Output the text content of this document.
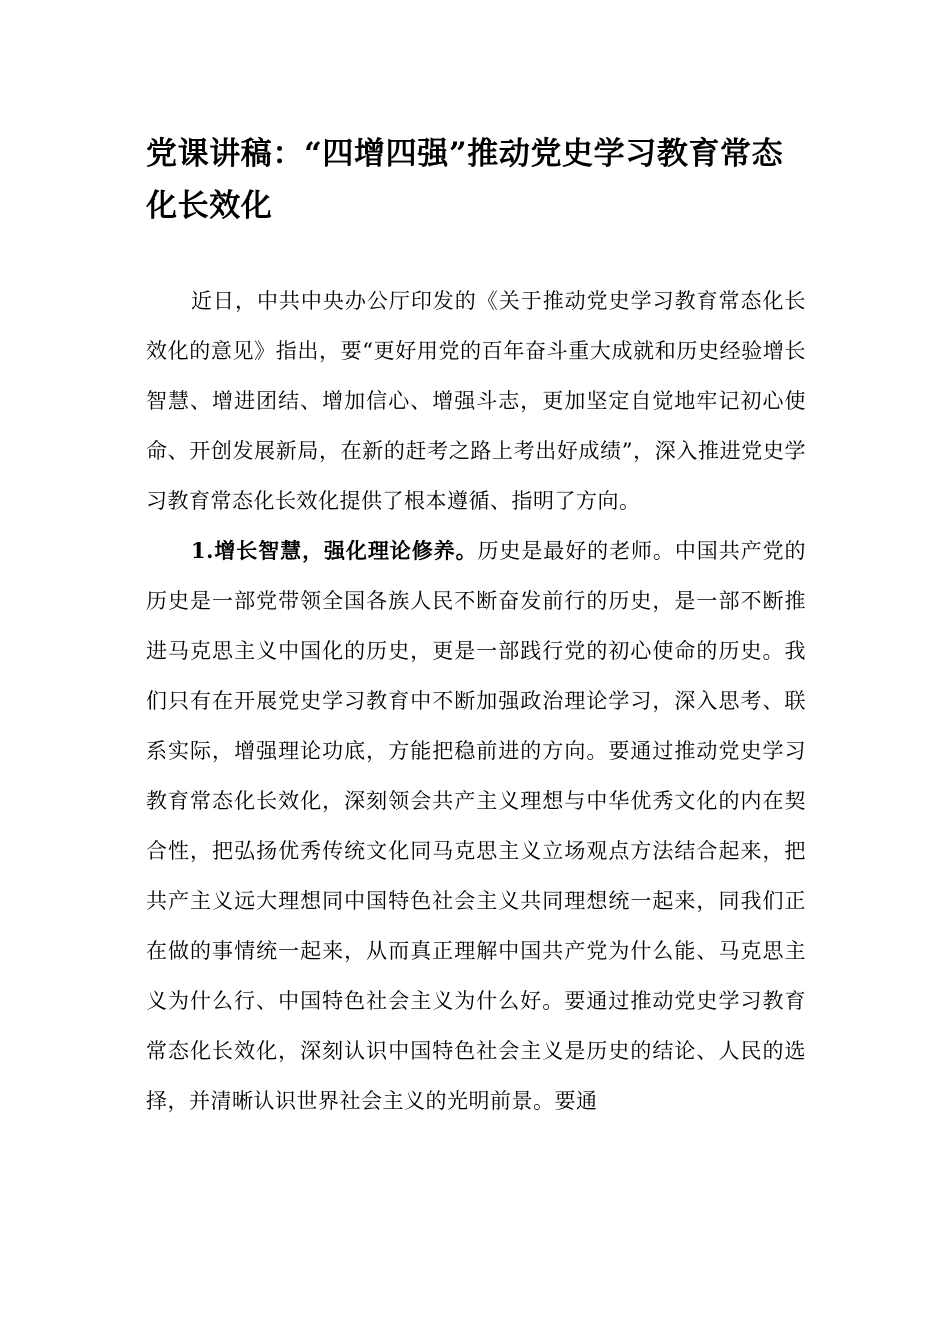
党课讲稿：“四增四强”推动党史学习教育常态化长效化

近日，中共中央办公厅印发的《关于推动党史学习教育常态化长效化的意见》指出，要“更好用党的百年奋斗重大成就和历史经验增长智慧、增进团结、增加信心、增强斗志，更加坚定自觉地牢记初心使命、开创发展新局，在新的赶考之路上考出好成绩”，深入推进党史学习教育常态化长效化提供了根本遵循、指明了方向。

1.增长智慧，强化理论修养。历史是最好的老师。中国共产党的历史是一部党带领全国各族人民不断奋发前行的历史，是一部不断推进马克思主义中国化的历史，更是一部践行党的初心使命的历史。我们只有在开展党史学习教育中不断加强政治理论学习，深入思考、联系实际，增强理论功底，方能把稳前进的方向。要通过推动党史学习教育常态化长效化，深刻领会共产主义理想与中华优秀文化的内在契合性，把弘扬优秀传统文化同马克思主义立场观点方法结合起来，把共产主义远大理想同中国特色社会主义共同理想统一起来，同我们正在做的事情统一起来，从而真正理解中国共产党为什么能、马克思主义为什么行、中国特色社会主义为什么好。要通过推动党史学习教育常态化长效化，深刻认识中国特色社会主义是历史的结论、人民的选择，并清晰认识世界社会主义的光明前景。要通
